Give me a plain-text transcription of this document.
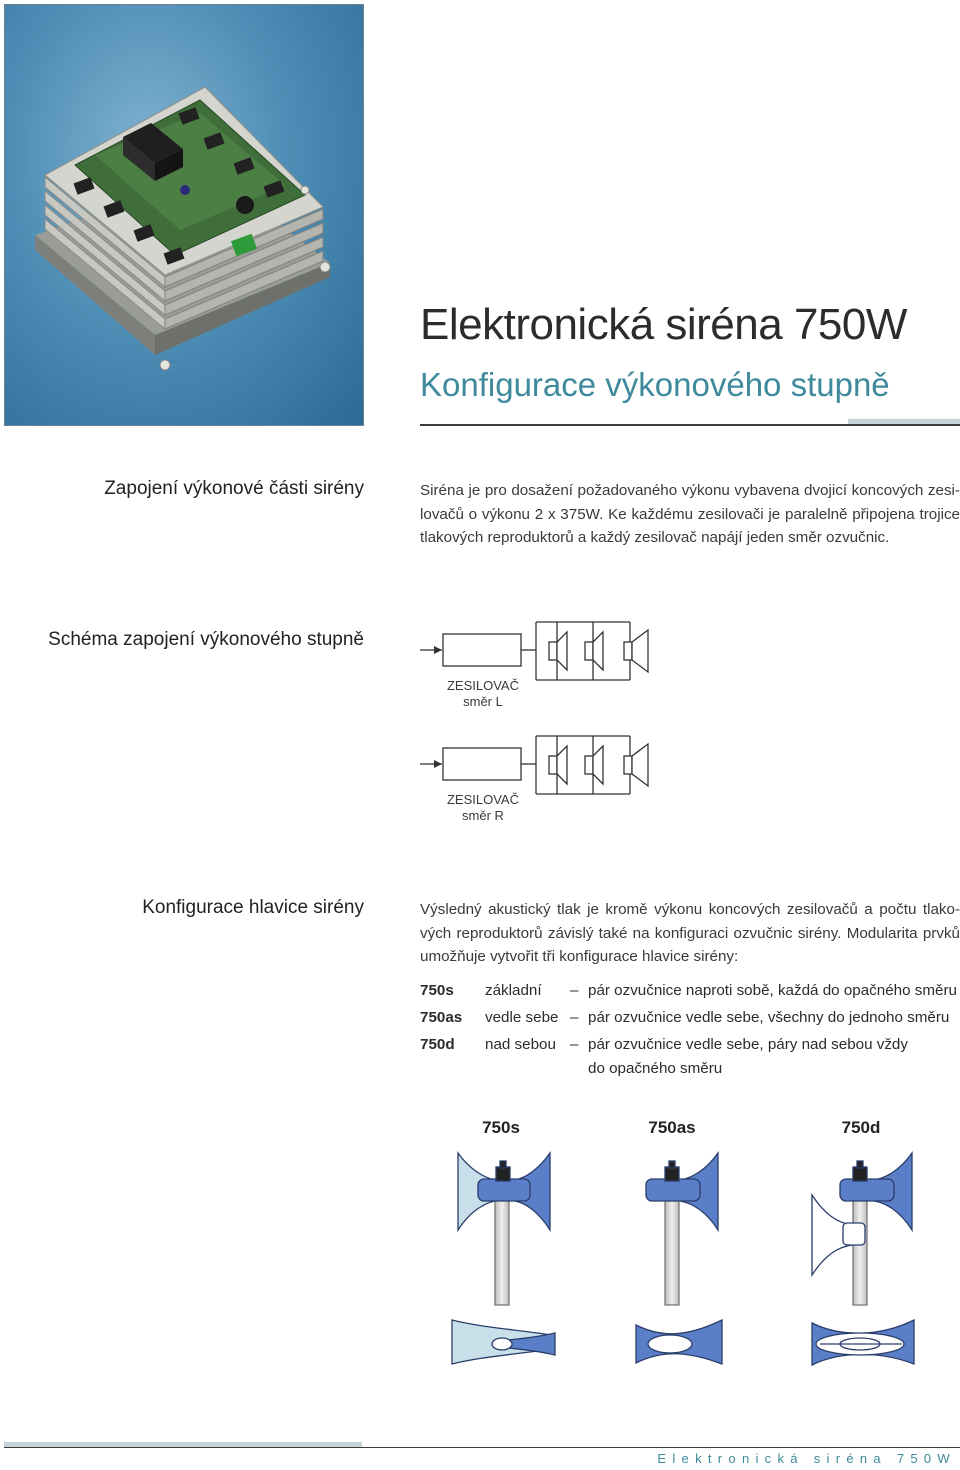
Elektronická siréna 750W
Konfigurace výkonového stupně
Zapojení výkonové části sirény	Siréna je pro dosažení požadovaného výkonu vybavena dvojicí koncových zesi-
lovačů o výkonu 2 x 375W. Ke každému zesilovači je paralelně připojena trojice
tlakových reproduktorů a každý zesilovač napájí jeden směr ozvučnic.
Schéma zapojení výkonového stupně
ZESILOVAČ
směr L
ZESILOVAČ
směr R
Konfigurace hlavice sirény	Výsledný akustický tlak je kromě výkonu koncových zesilovačů a počtu tlako-
vých reproduktorů závislý také na konfiguraci ozvučnic sirény. Modularita prvků
umožňuje vytvořit tři konfigurace hlavice sirény:
750s základní – pár ozvučnice naproti sobě, každá do opačného směru
750as vedle sebe – pár ozvučnice vedle sebe, všechny do jednoho směru
750d nad sebou – pár ozvučnice vedle sebe, páry nad sebou vždy
do opačného směru
750s	750as	750d
Elektronická siréna 750W
